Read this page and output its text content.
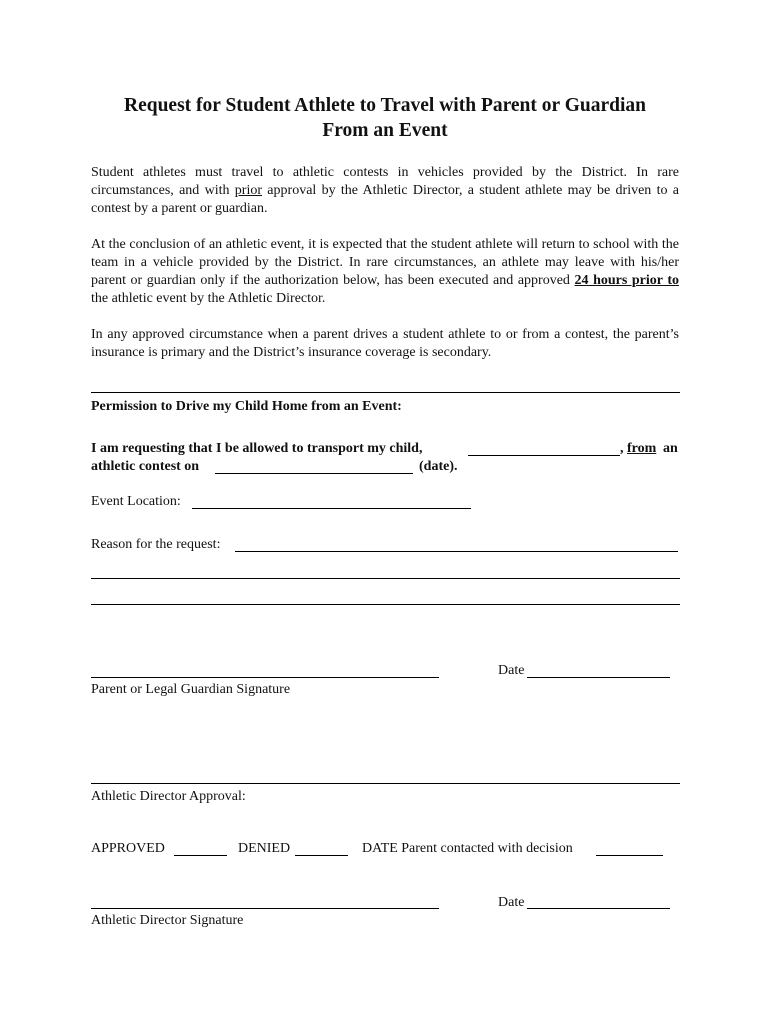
Request for Student Athlete to Travel with Parent or Guardian
From an Event
Student athletes must travel to athletic contests in vehicles provided by the District. In rare circumstances, and with prior approval by the Athletic Director, a student athlete may be driven to a contest by a parent or guardian.
At the conclusion of an athletic event, it is expected that the student athlete will return to school with the team in a vehicle provided by the District. In rare circumstances, an athlete may leave with his/her parent or guardian only if the authorization below, has been executed and approved 24 hours prior to the athletic event by the Athletic Director.
In any approved circumstance when a parent drives a student athlete to or from a contest, the parent’s insurance is primary and the District’s insurance coverage is secondary.
Permission to Drive my Child Home from an Event:
I am requesting that I be allowed to transport my child,	, from an
athletic contest on	(date).
Event Location:
Reason for the request:
Date
Parent or Legal Guardian Signature
Athletic Director Approval:
APPROVED	DENIED	DATE Parent contacted with decision
Date
Athletic Director Signature
